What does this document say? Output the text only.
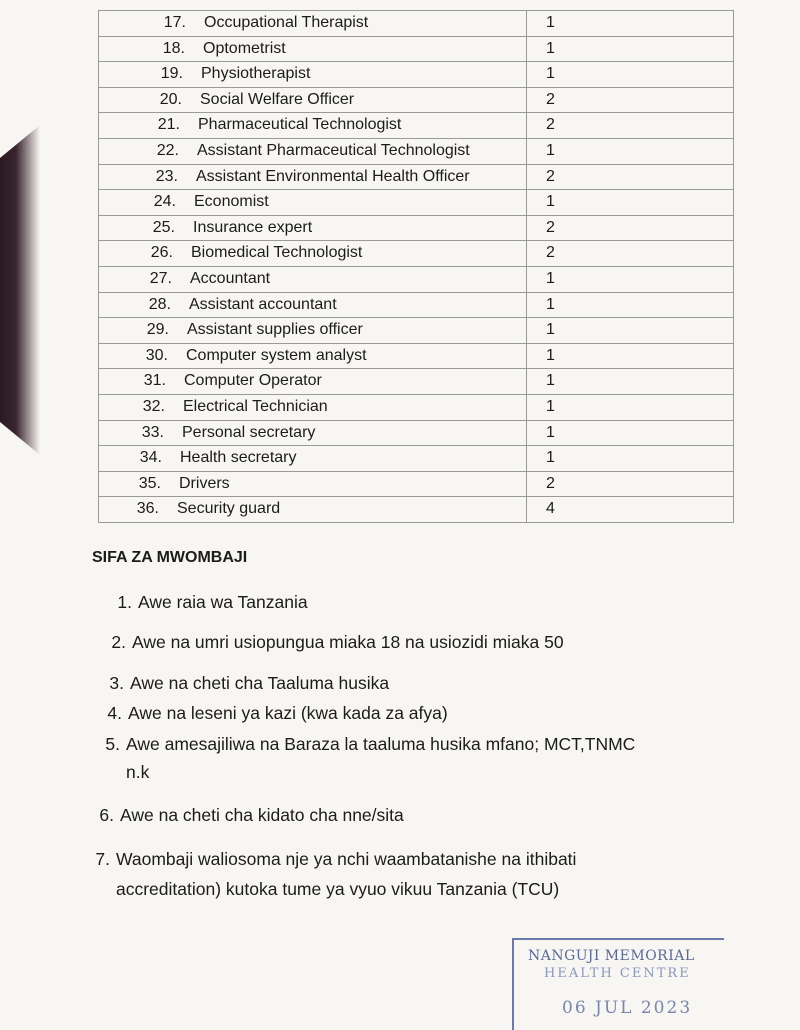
17. Occupational Therapist	1
18. Optometrist	1
19. Physiotherapist	1
20. Social Welfare Officer	2
21. Pharmaceutical Technologist	2
22. Assistant Pharmaceutical Technologist	1
23. Assistant Environmental Health Officer	2
24. Economist	1
25. Insurance expert	2
26. Biomedical Technologist	2
27. Accountant	1
28. Assistant accountant	1
29. Assistant supplies officer	1
30. Computer system analyst	1
31. Computer Operator	1
32. Electrical Technician	1
33. Personal secretary	1
34. Health secretary	1
35. Drivers	2
36. Security guard	4
SIFA ZA MWOMBAJI
1. Awe raia wa Tanzania
2. Awe na umri usiopungua miaka 18 na usiozidi miaka 50
3. Awe na cheti cha Taaluma husika
4. Awe na leseni ya kazi (kwa kada za afya)
5. Awe amesajiliwa na Baraza la taaluma husika mfano; MCT,TNMC
n.k
6. Awe na cheti cha kidato cha nne/sita
7. Waombaji waliosoma nje ya nchi waambatanishe na ithibati
accreditation) kutoka tume ya vyuo vikuu Tanzania (TCU)
NANGUJI MEMORIAL
HEALTH CENTRE
06 JUL 2023
